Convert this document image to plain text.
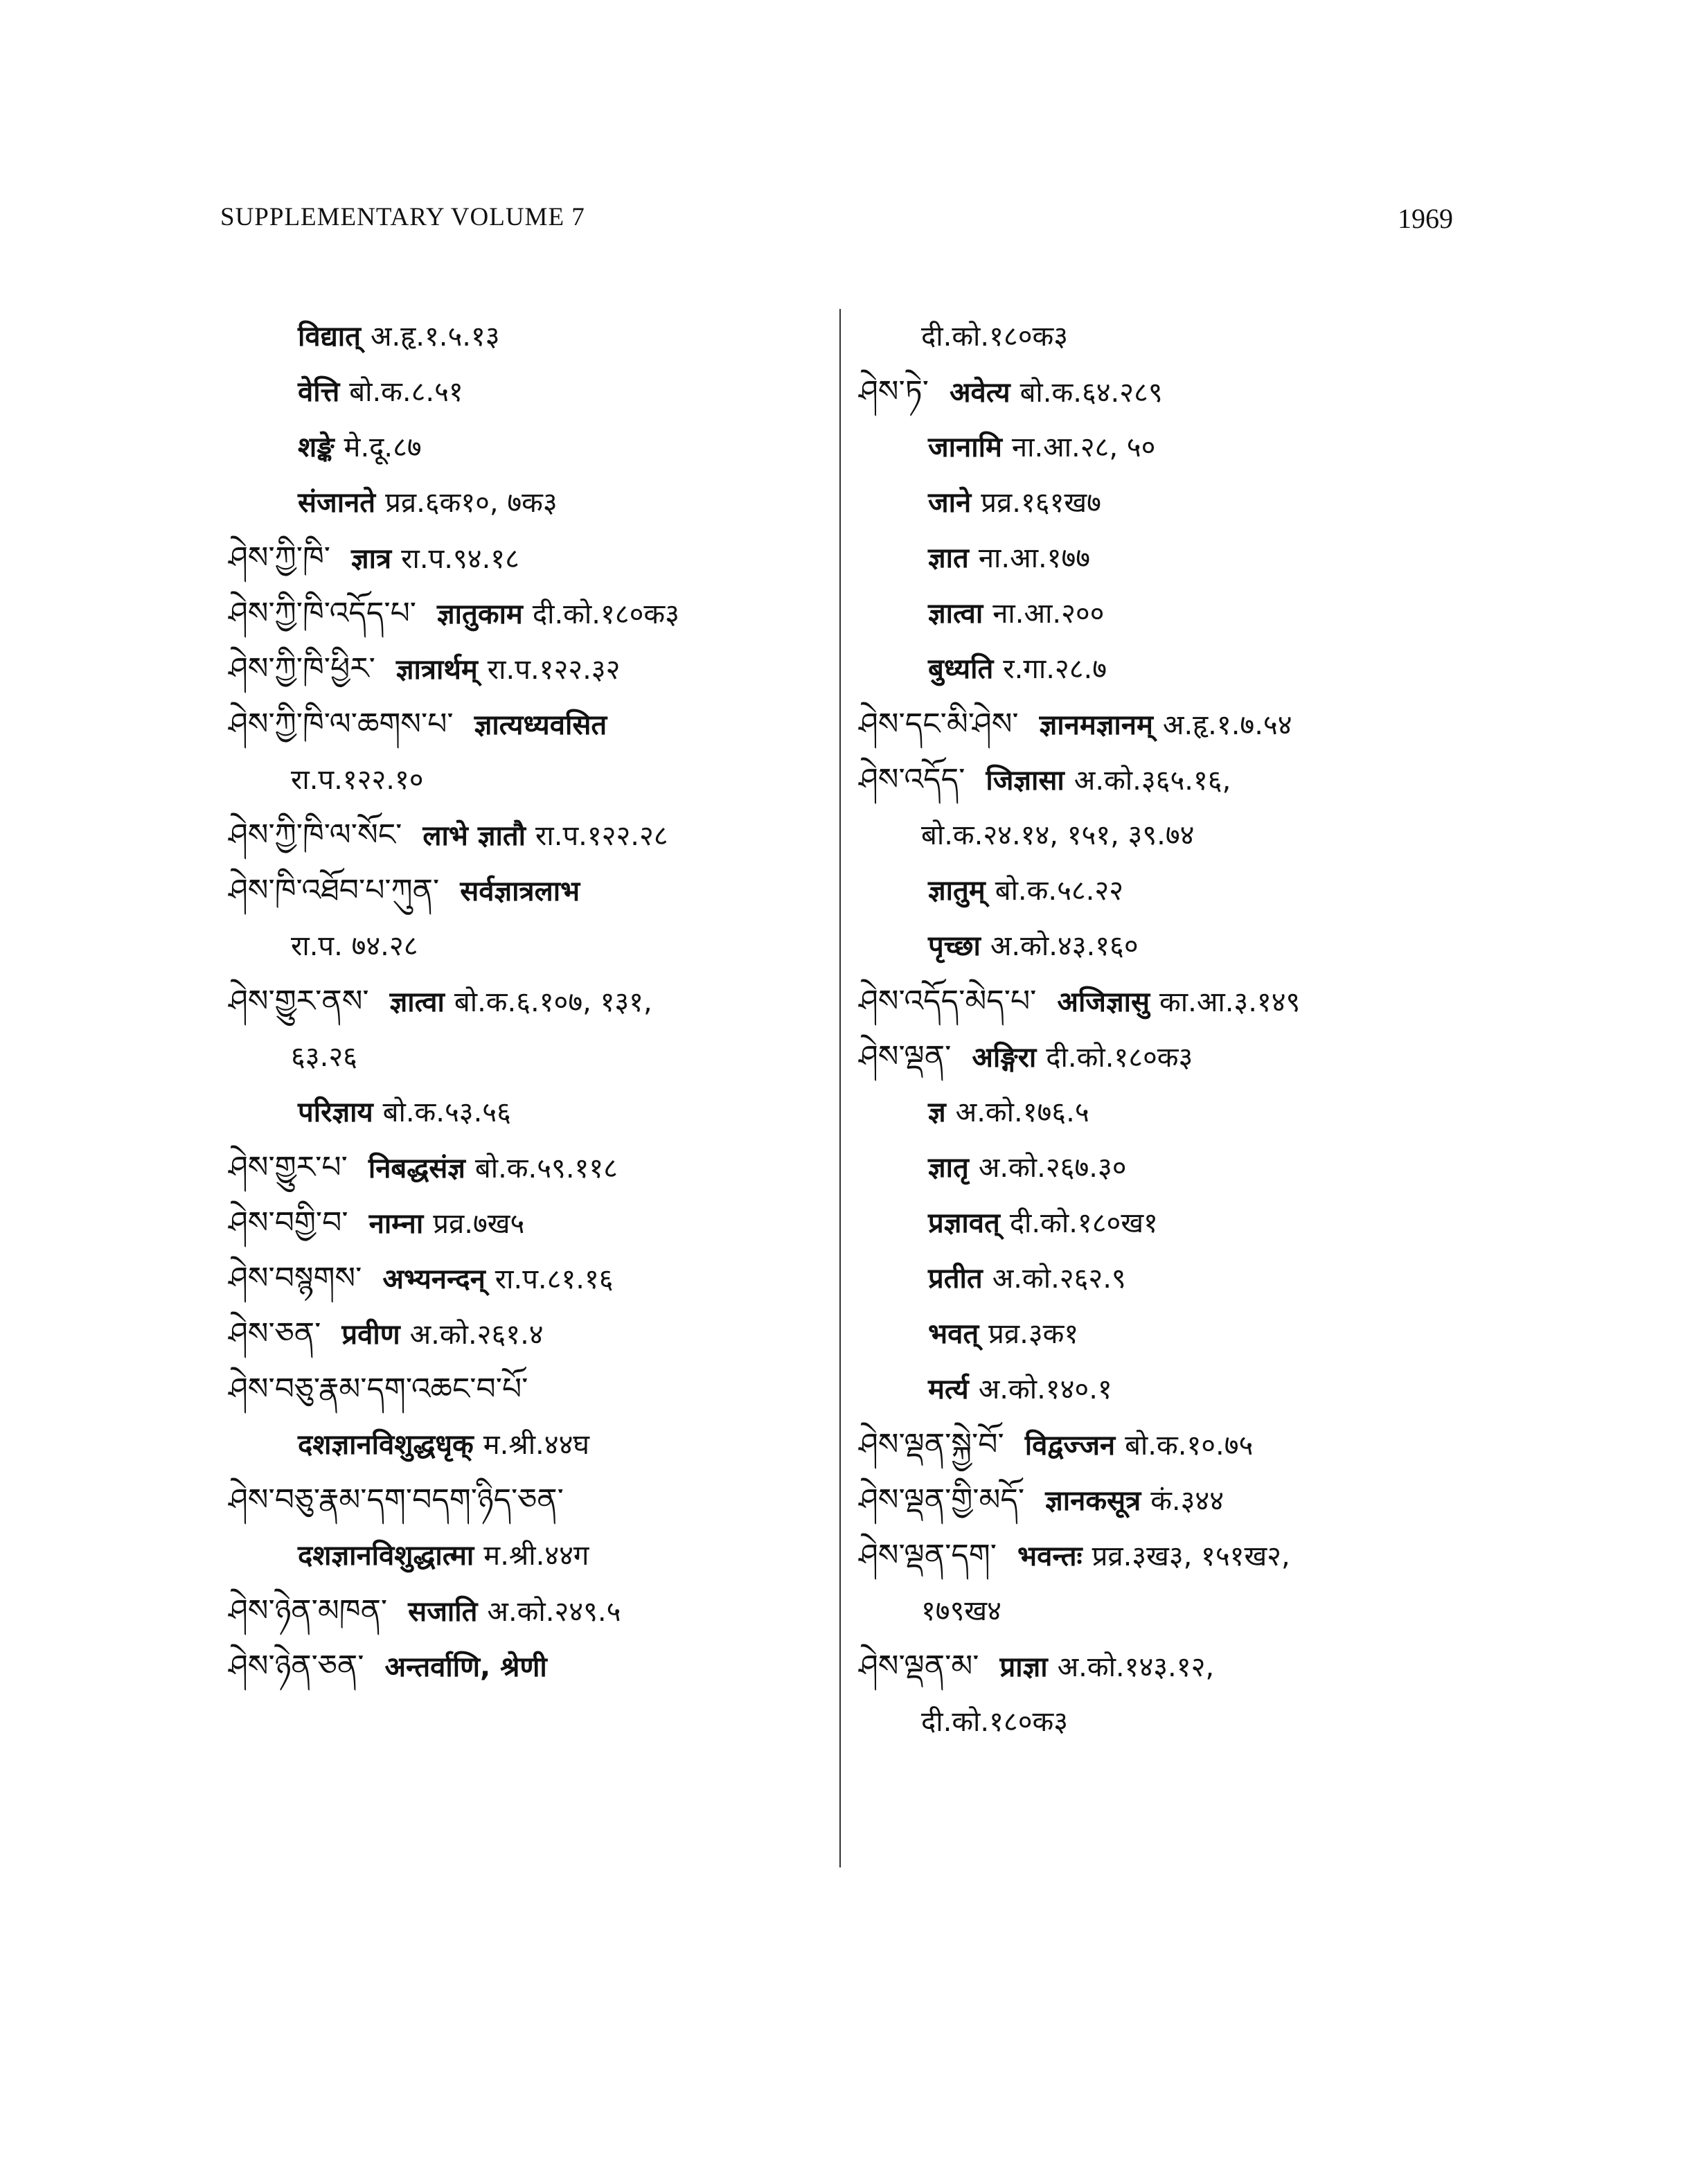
SUPPLEMENTARY VOLUME 7	1969
विद्यात् अ.हृ.१.५.१३
वेत्ति बो.क.८.५१
शङ्के मे.दू.८७
संजानते प्रव्र.६क१०, ७क३
ཤེས་ཀྱི་ཁི་ ज्ञात्र रा.प.९४.१८
ཤེས་ཀྱི་ཁི་འདོད་པ་ ज्ञातुकाम दी.को.१८०क३
ཤེས་ཀྱི་ཁི་ཕྱིར་ ज्ञात्रार्थम् रा.प.१२२.३२
ཤེས་ཀྱི་ཁི་ལ་ཆགས་པ་ ज्ञात्यध्यवसित
रा.प.१२२.१०
ཤེས་ཀྱི་ཁི་ལ་སོང་ लाभे ज्ञातौ रा.प.१२२.२८
ཤེས་ཁི་འཐོབ་པ་ཀུན་ सर्वज्ञात्रलाभ
रा.प. ७४.२८
ཤེས་གྱུར་ནས་ ज्ञात्वा बो.क.६.१०७, १३१,
६३.२६
परिज्ञाय बो.क.५३.५६
ཤེས་གྱུར་པ་ निबद्धसंज्ञ बो.क.५९.११८
ཤེས་བགྱི་བ་ नाम्ना प्रव्र.७ख५
ཤེས་བསྙགས་ अभ्यनन्दन् रा.प.८१.१६
ཤེས་ཅན་ प्रवीण अ.को.२६१.४
ཤེས་བཅུ་རྣམ་དག་འཆང་བ་པོ་
दशज्ञानविशुद्धधृक् म.श्री.४४घ
ཤེས་བཅུ་རྣམ་དག་བདག་ཉིད་ཅན་
दशज्ञानविशुद्धात्मा म.श्री.४४ग
ཤེས་ཉེན་མཁན་ सजाति अ.को.२४९.५
ཤེས་ཉེན་ཅན་ अन्तर्वाणि, श्रेणी
दी.को.१८०क३
ཤེས་ཏེ་ अवेत्य बो.क.६४.२८९
जानामि ना.आ.२८, ५०
जाने प्रव्र.१६१ख७
ज्ञात ना.आ.१७७
ज्ञात्वा ना.आ.२००
बुध्यति र.गा.२८.७
ཤེས་དང་མི་ཤེས་ ज्ञानमज्ञानम् अ.हृ.१.७.५४
ཤེས་འདོད་ जिज्ञासा अ.को.३६५.१६,
बो.क.२४.१४, १५१, ३९.७४
ज्ञातुम् बो.क.५८.२२
पृच्छा अ.को.४३.१६०
ཤེས་འདོད་མེད་པ་ अजिज्ञासु का.आ.३.१४९
ཤེས་ལྡན་ अङ्गिरा दी.को.१८०क३
ज्ञ अ.को.१७६.५
ज्ञातृ अ.को.२६७.३०
प्रज्ञावत् दी.को.१८०ख१
प्रतीत अ.को.२६२.९
भवत् प्रव्र.३क१
मर्त्य अ.को.१४०.१
ཤེས་ལྡན་སྐྱེ་བོ་ विद्वज्जन बो.क.१०.७५
ཤེས་ལྡན་གྱི་མདོ་ ज्ञानकसूत्र कं.३४४
ཤེས་ལྡན་དག་ भवन्तः प्रव्र.३ख३, १५१ख२,
१७९ख४
ཤེས་ལྡན་མ་ प्राज्ञा अ.को.१४३.१२,
दी.को.१८०क३
